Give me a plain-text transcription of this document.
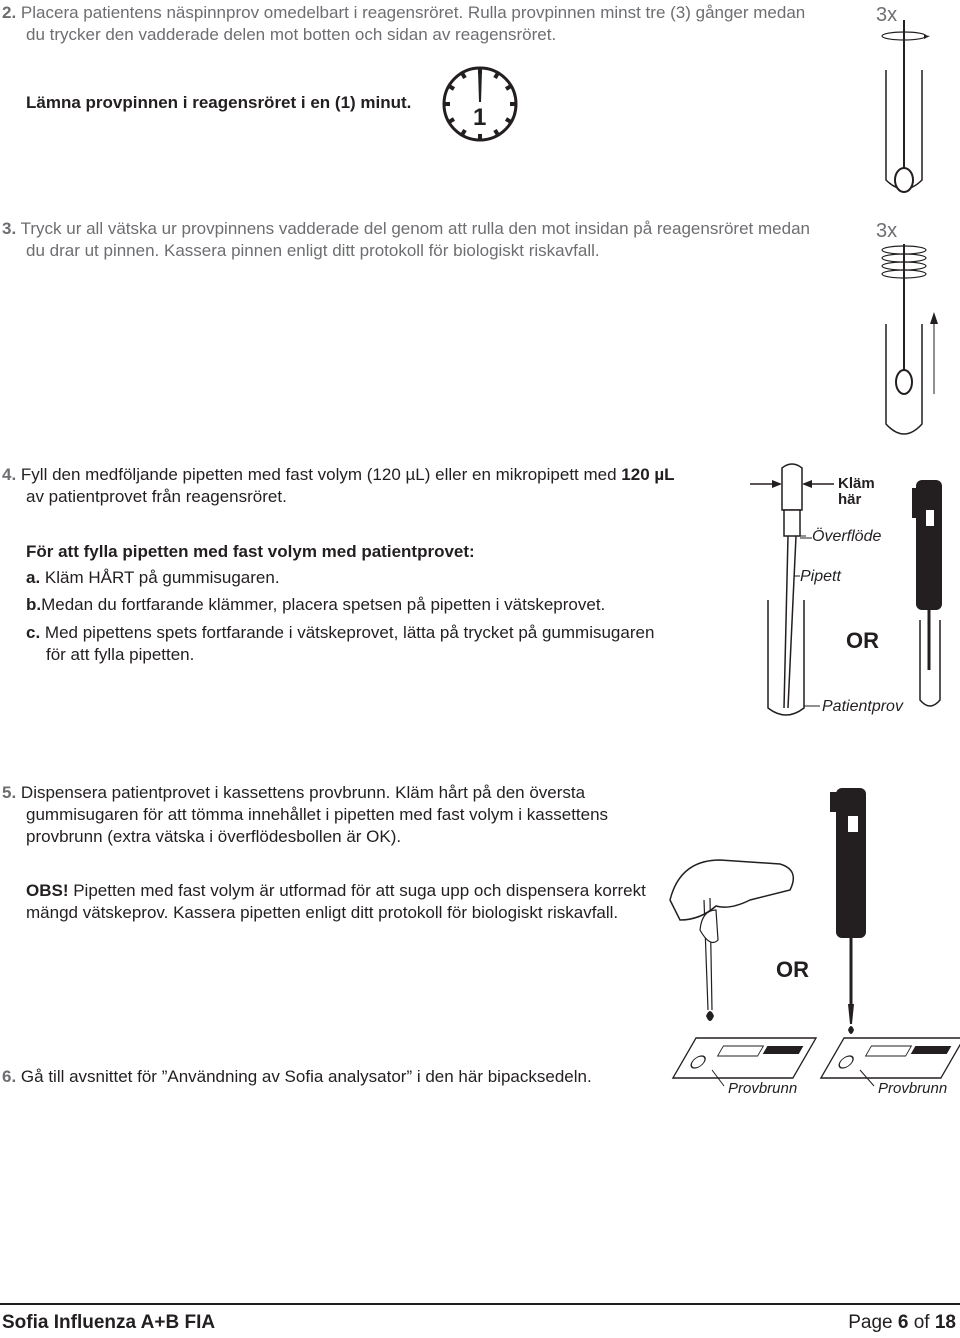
2. Placera patientens näspinnprov omedelbart i reagensröret. Rulla provpinnen minst tre (3) gånger medan
du trycker den vadderade delen mot botten och sidan av reagensröret.

Lämna provpinnen i reagensröret i en (1) minut.
1
3x

3. Tryck ur all vätska ur provpinnens vadderade del genom att rulla den mot insidan på reagensröret medan
du drar ut pinnen. Kassera pinnen enligt ditt protokoll för biologiskt riskavfall.

3x

4. Fyll den medföljande pipetten med fast volym (120 µL) eller en mikropipett med 120 µL
av patientprovet från reagensröret.

För att fylla pipetten med fast volym med patientprovet:
a. Kläm HÅRT på gummisugaren.
b.Medan du fortfarande klämmer, placera spetsen på pipetten i vätskeprovet.
c. Med pipettens spets fortfarande i vätskeprovet, lätta på trycket på gummisugaren
för att fylla pipetten.
Kläm
här
Överflöde
Pipett
OR
Patientprov

5. Dispensera patientprovet i kassettens provbrunn. Kläm hårt på den översta
gummisugaren för att tömma innehållet i pipetten med fast volym i kassettens
provbrunn (extra vätska i överflödesbollen är OK).

OBS! Pipetten med fast volym är utformad för att suga upp och dispensera korrekt
mängd vätskeprov. Kassera pipetten enligt ditt protokoll för biologiskt riskavfall.
OR
Provbrunn	Provbrunn
6. Gå till avsnittet för ”Användning av Sofia analysator” i den här bipacksedeln.
Sofia Influenza A+B FIA	Page 6 of 18
